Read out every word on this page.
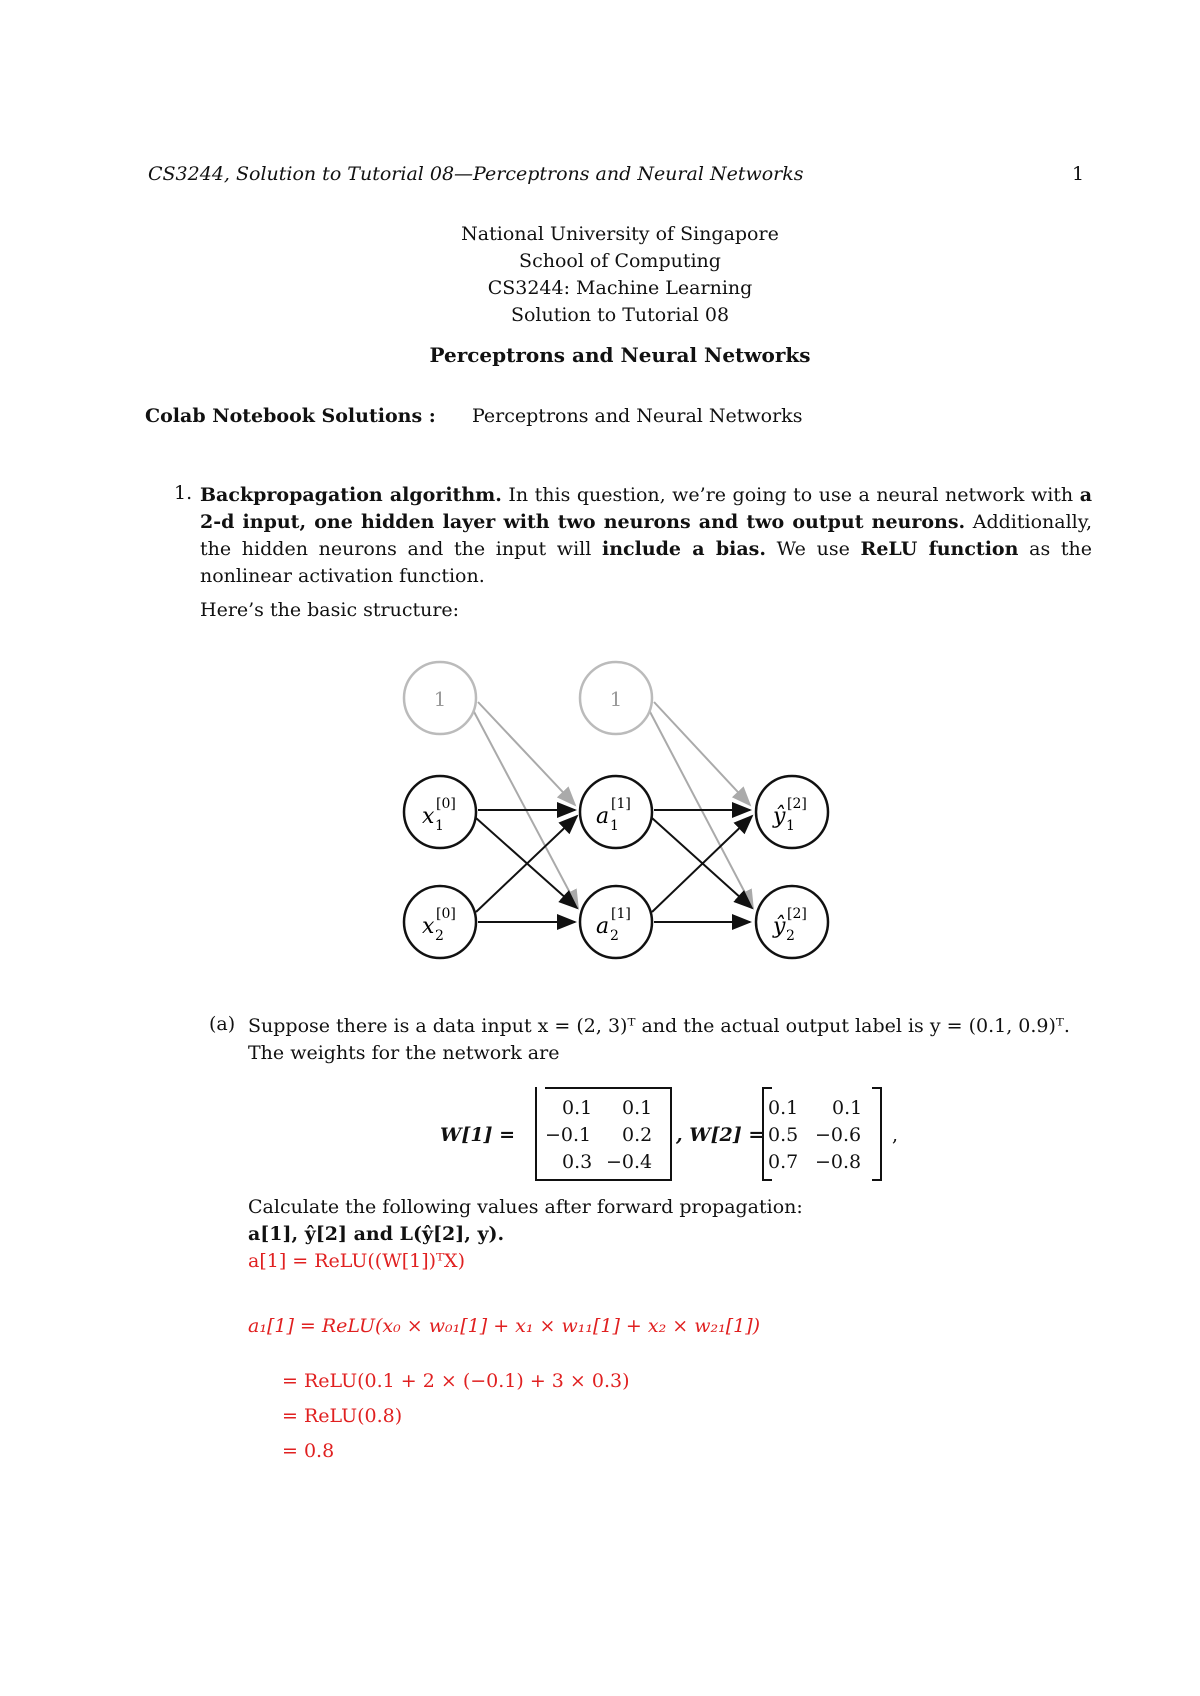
CS3244, Solution to Tutorial 08—Perceptrons and Neural Networks	1
National University of Singapore
School of Computing
CS3244: Machine Learning
Solution to Tutorial 08
Perceptrons and Neural Networks
Colab Notebook Solutions : Perceptrons and Neural Networks
1. Backpropagation algorithm. In this question, we’re going to use a neural network with a 2-d input, one hidden layer with two neurons and two output neurons. Additionally, the hidden neurons and the input will include a bias. We use ReLU function as the nonlinear activation function.
Here’s the basic structure:
1	1
x [0]
1
x [0]
2
a [1]
1
a [1]
2
ŷ [2]
1
ŷ [2]
2
(a) Suppose there is a data input x = (2, 3)ᵀ and the actual output label is y = (0.1, 0.9)ᵀ.
The weights for the network are
W[1] =
0.1 0.1
−0.1 0.2
0.3 −0.4
, W[2] =
0.1 0.1
0.5 −0.6
0.7 −0.8
,
Calculate the following values after forward propagation:
a[1], ŷ[2] and L(ŷ[2], y).
a[1] = ReLU((W[1])ᵀX)
a₁[1] = ReLU(x₀ × w₀₁[1] + x₁ × w₁₁[1] + x₂ × w₂₁[1])
= ReLU(0.1 + 2 × (−0.1) + 3 × 0.3)
= ReLU(0.8)
= 0.8
